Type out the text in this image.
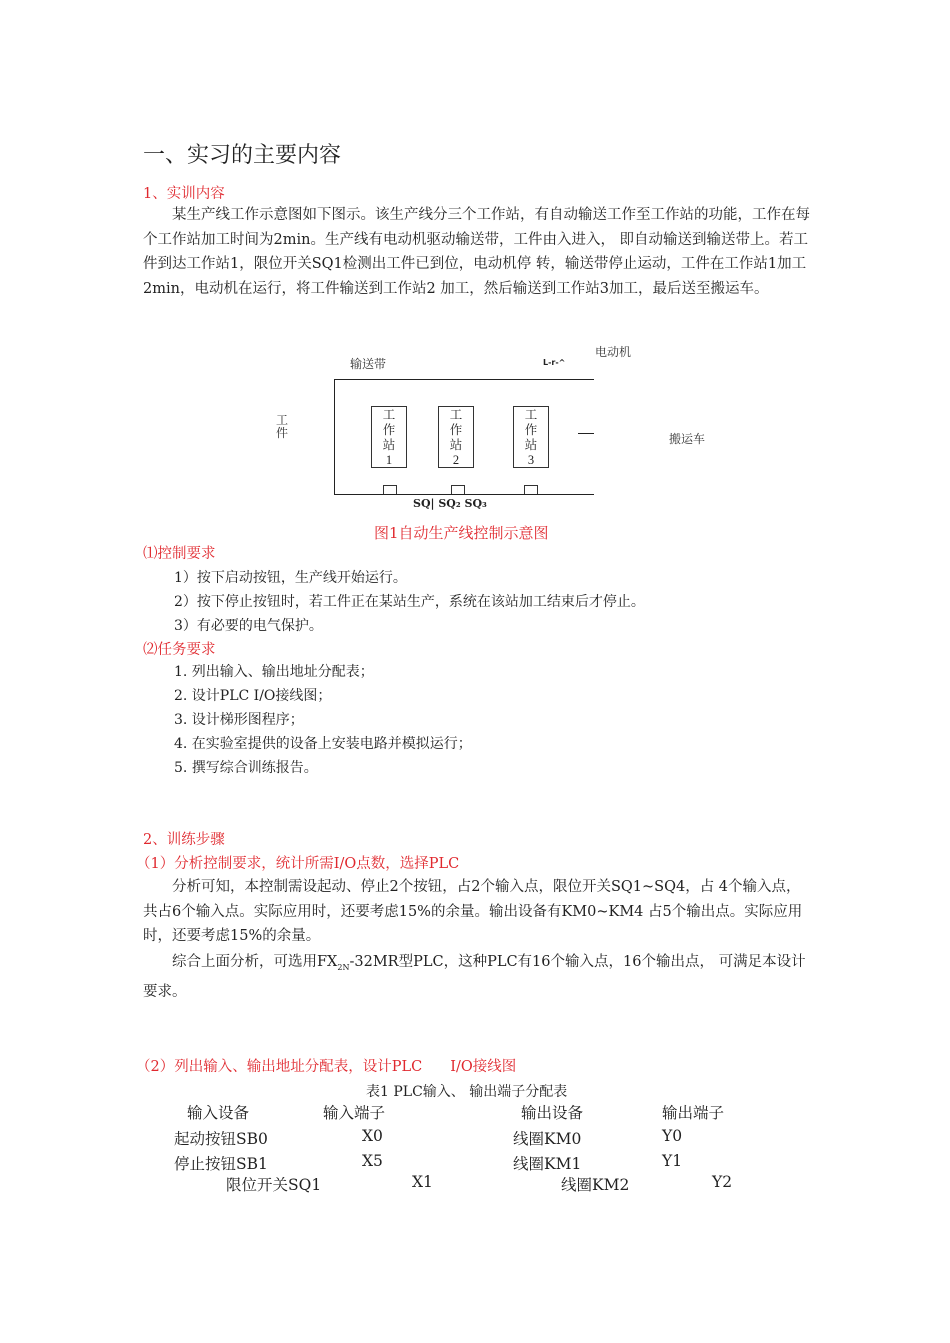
一、实习的主要内容
1、实训内容
某生产线工作示意图如下图示。该生产线分三个工作站，有自动输送工作至工作站的功能，工作在每个工作站加工时间为2min。生产线有电动机驱动输送带，工件由入进入， 即自动输送到输送带上。若工件到达工作站1，限位开关SQ1检测出工件已到位，电动机停 转，输送带停止运动，工件在工作站1加工2min，电动机在运行，将工件输送到工作站2 加工，然后输送到工作站3加工，最后送至搬运车。
输送带
电动机
L-r-^
工件	搬运车
工
作
站
1
工
作
站
2
工
作
站
3
SQ| SQ₂ SQ₃
图1自动生产线控制示意图
⑴控制要求
1）按下启动按钮，生产线开始运行。
2）按下停止按钮时，若工件正在某站生产，系统在该站加工结束后才停止。
3）有必要的电气保护。
⑵任务要求
1. 列出输入、输出地址分配表；
2. 设计PLC I/O接线图；
3. 设计梯形图程序；
4. 在实验室提供的设备上安装电路并模拟运行；
5. 撰写综合训练报告。
2、训练步骤
（1）分析控制要求，统计所需I/O点数，选择PLC
分析可知，本控制需设起动、停止2个按钮，占2个输入点，限位开关SQ1~SQ4，占 4个输入点，共占6个输入点。实际应用时，还要考虑15%的余量。输出设备有KM0~KM4 占5个输出点。实际应用时，还要考虑15%的余量。
综合上面分析，可选用$FX_{2N}-32MR$型PLC，这种PLC有16个输入点，16个输出点， 可满足本设计要求。
（2）列出输入、输出地址分配表，设计PLC I/O接线图
表1 PLC输入、 输出端子分配表
输入设备	输入端子	输出设备	输出端子
起动按钮SB0	X0	线圈KM0	Y0
停止按钮SB1	X5	线圈KM1	Y1
限位开关SQ1	X1	线圈KM2	Y2
